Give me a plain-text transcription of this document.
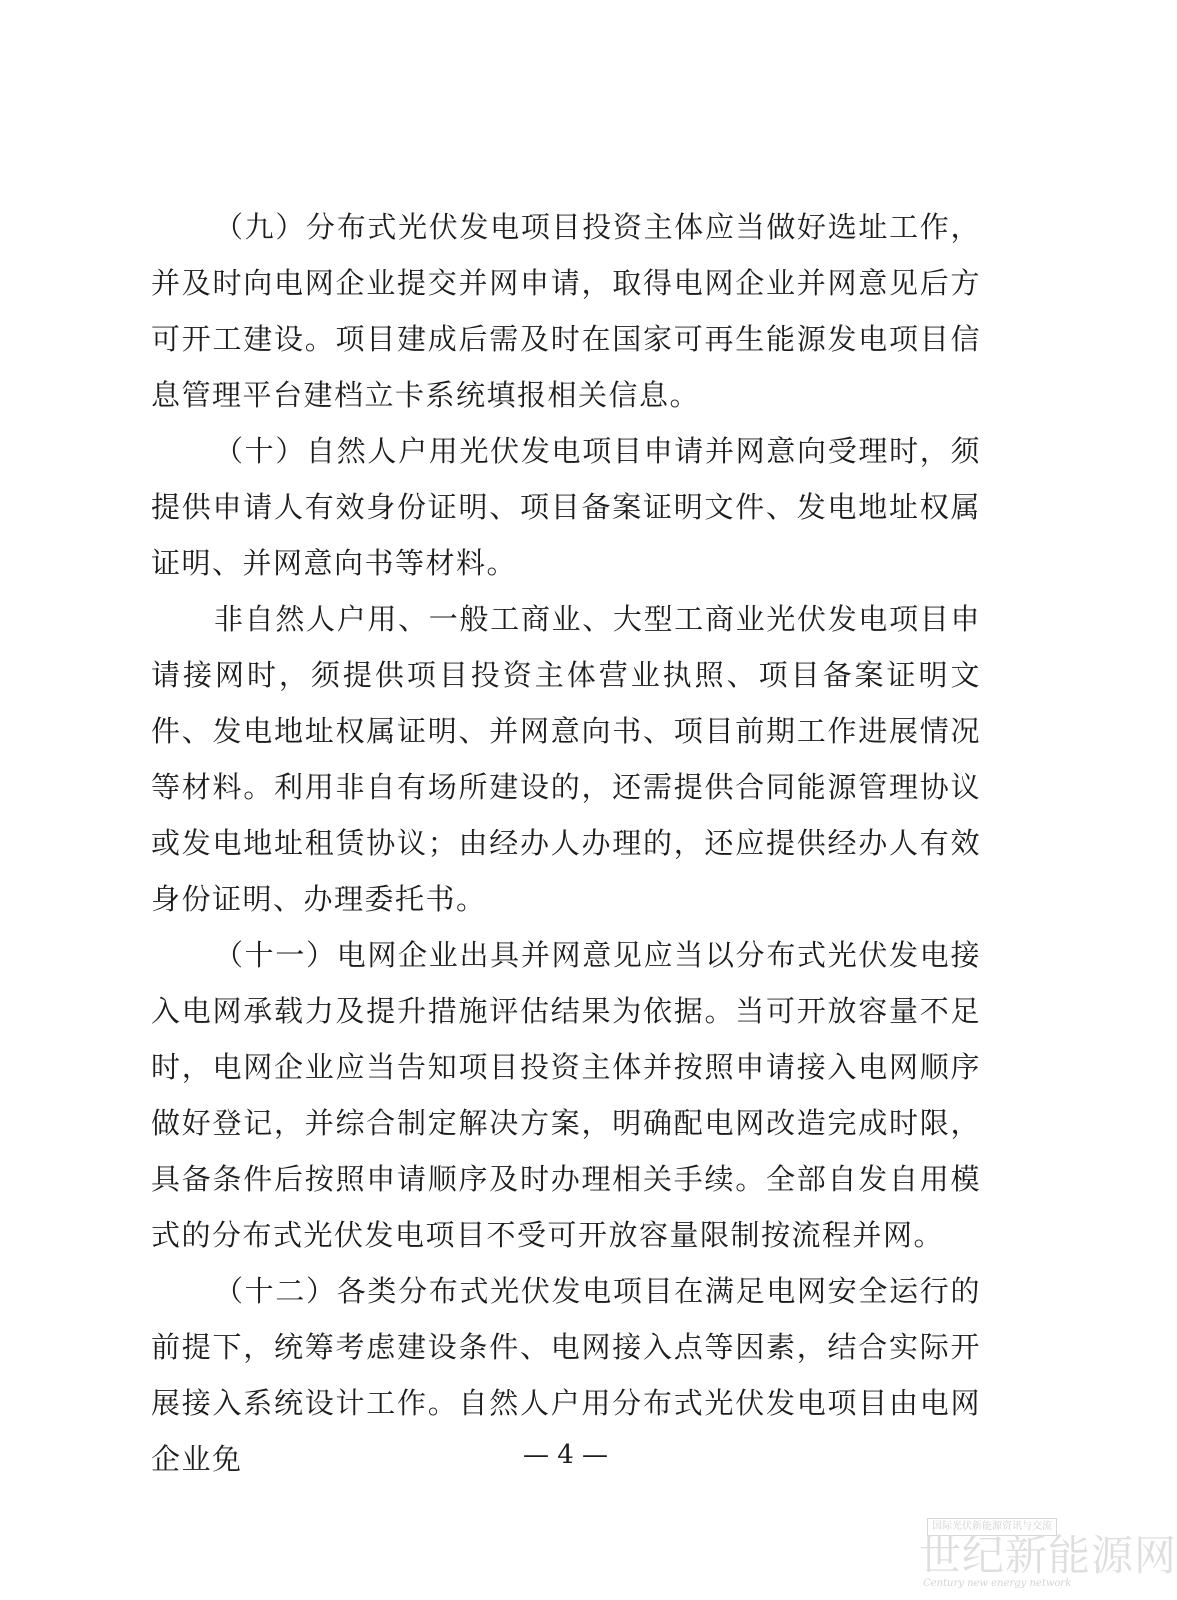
（九）分布式光伏发电项目投资主体应当做好选址工作，并及时向电网企业提交并网申请，取得电网企业并网意见后方可开工建设。项目建成后需及时在国家可再生能源发电项目信息管理平台建档立卡系统填报相关信息。

（十）自然人户用光伏发电项目申请并网意向受理时，须提供申请人有效身份证明、项目备案证明文件、发电地址权属证明、并网意向书等材料。

非自然人户用、一般工商业、大型工商业光伏发电项目申请接网时，须提供项目投资主体营业执照、项目备案证明文件、发电地址权属证明、并网意向书、项目前期工作进展情况等材料。利用非自有场所建设的，还需提供合同能源管理协议或发电地址租赁协议；由经办人办理的，还应提供经办人有效身份证明、办理委托书。

（十一）电网企业出具并网意见应当以分布式光伏发电接入电网承载力及提升措施评估结果为依据。当可开放容量不足时，电网企业应当告知项目投资主体并按照申请接入电网顺序做好登记，并综合制定解决方案，明确配电网改造完成时限，具备条件后按照申请顺序及时办理相关手续。全部自发自用模式的分布式光伏发电项目不受可开放容量限制按流程并网。

（十二）各类分布式光伏发电项目在满足电网安全运行的前提下，统筹考虑建设条件、电网接入点等因素，结合实际开展接入系统设计工作。自然人户用分布式光伏发电项目由电网企业免	— 4 —
国际光伏新能源资讯与交流
世纪新能源网
Century new energy network
